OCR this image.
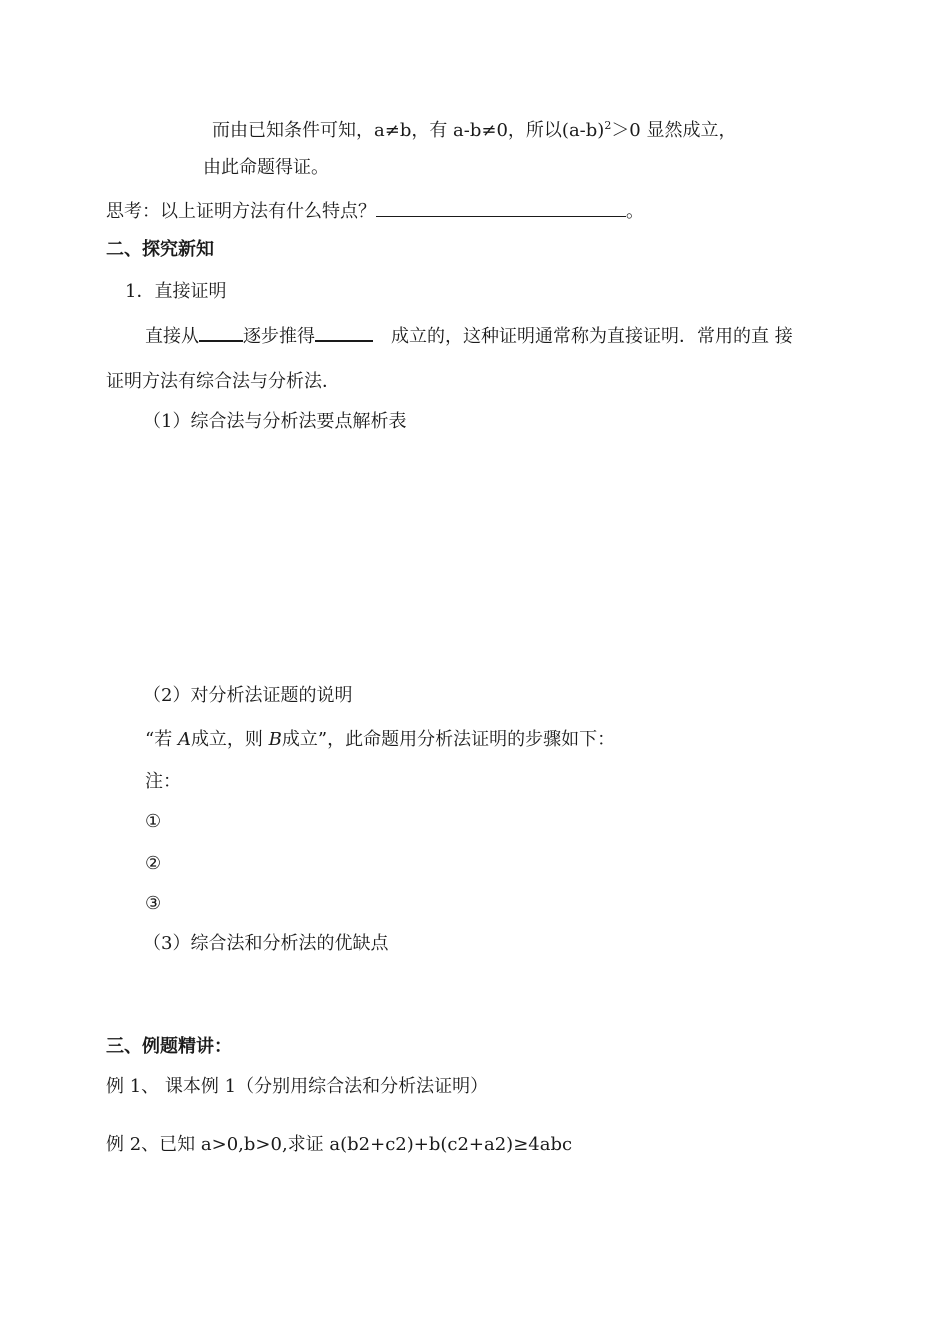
而由已知条件可知，a≠b，有 a-b≠0，所以$(a-b)^2>0$ 显然成立，
由此命题得证。
思考：以上证明方法有什么特点？	。
二、探究新知
1．直接证明
直接从 逐步推得	成立的，这种证明通常称为直接证明．常用的直 接
证明方法有综合法与分析法．
（1）综合法与分析法要点解析表
（2）对分析法证题的说明
“若 A成立，则 B成立”，此命题用分析法证明的步骤如下：
注：
①
②
③
（3）综合法和分析法的优缺点
三、例题精讲：
例 1、 课本例 1（分别用综合法和分析法证明）
例 2、已知 a>0,b>0,求证 a(b2+c2)+b(c2+a2)≥4abc
